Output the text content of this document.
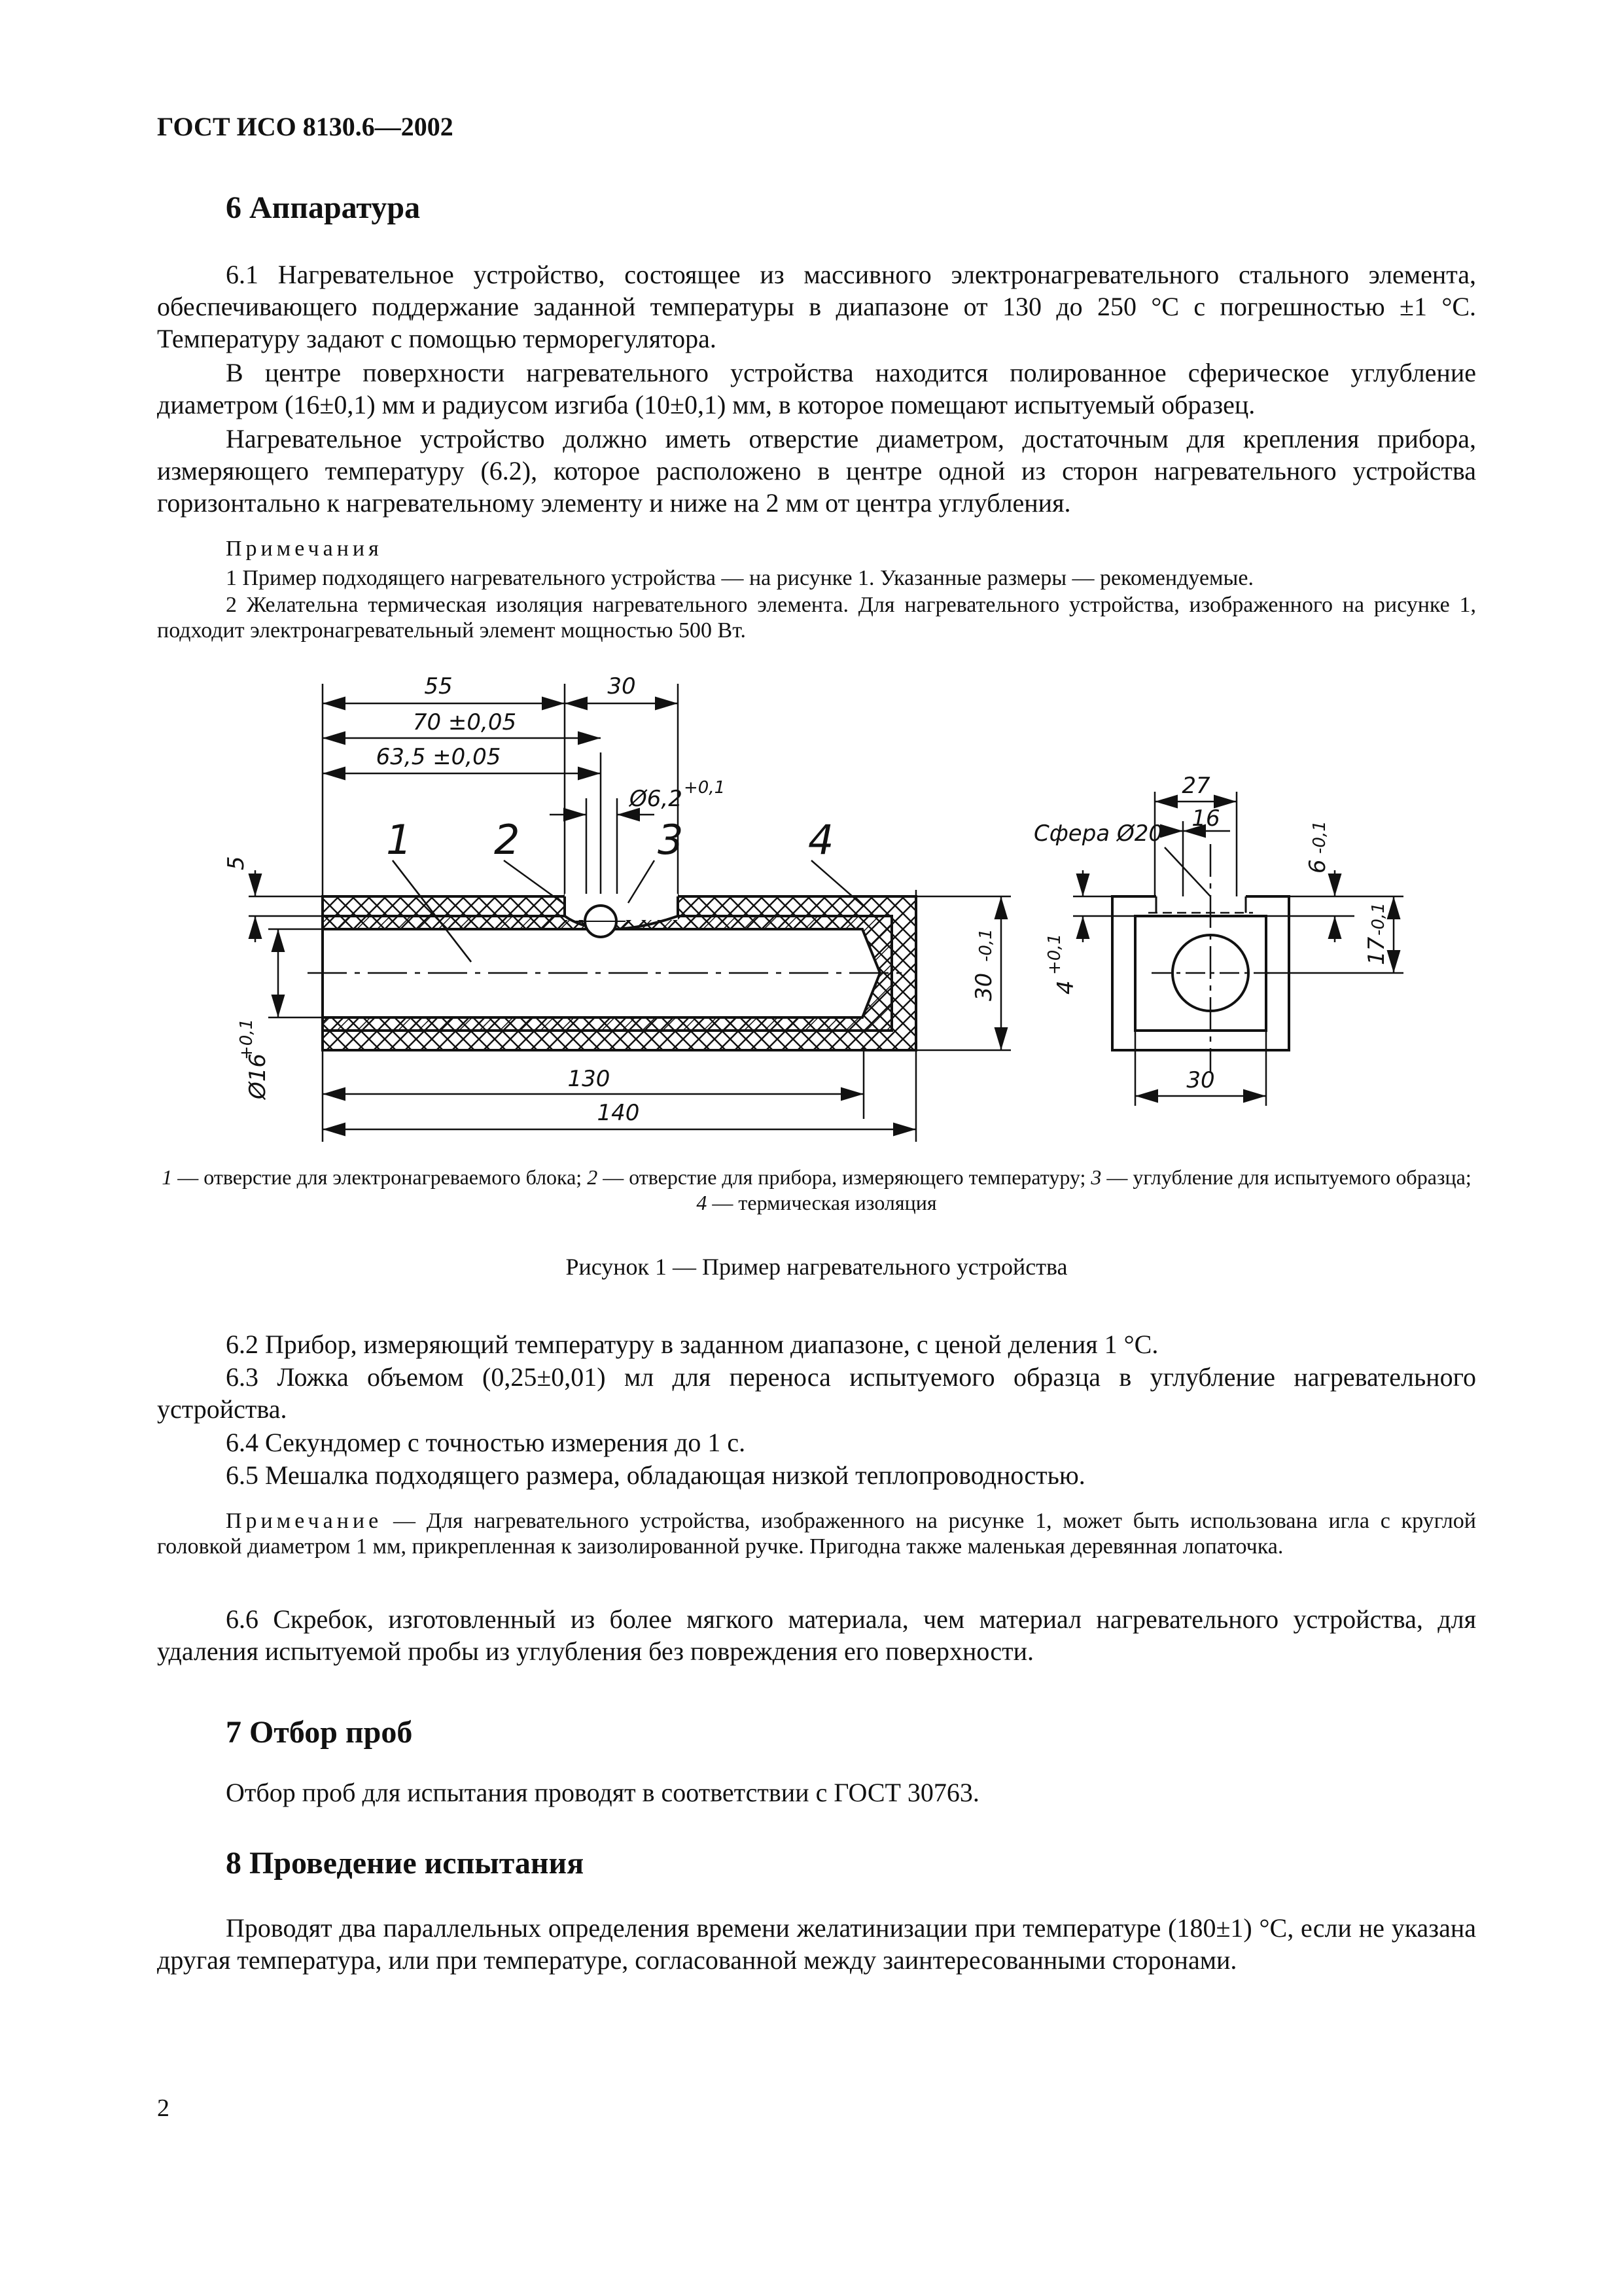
ГОСТ ИСО 8130.6—2002
6 Аппаратура
6.1 Нагревательное устройство, состоящее из массивного электронагревательного стального элемента, обеспечивающего поддержание заданной температуры в диапазоне от 130 до 250 °С с погрешностью ±1 °С. Температуру задают с помощью терморегулятора.
В центре поверхности нагревательного устройства находится полированное сферическое углубление диаметром (16±0,1) мм и радиусом изгиба (10±0,1) мм, в которое помещают испытуемый образец.
Нагревательное устройство должно иметь отверстие диаметром, достаточным для крепления прибора, измеряющего температуру (6.2), которое расположено в центре одной из сторон нагревательного устройства горизонтально к нагревательному элементу и ниже на 2 мм от центра углубления.
Примечания
1 Пример подходящего нагревательного устройства — на рисунке 1. Указанные размеры — рекомендуемые.
2 Желательна термическая изоляция нагревательного элемента. Для нагревательного устройства, изображенного на рисунке 1, подходит электронагревательный элемент мощностью 500 Вт.
55	30
70 ±0,05
63,5 ±0,05
Ø6,2 +0,1
5
Ø16
+0,1
30
-0,1
130
140
1 2	3	4
27
16
Сфера Ø20
6
-0,1
17
-0,1
4
+0,1
30
1 — отверстие для электронагреваемого блока; 2 — отверстие для прибора, измеряющего температуру; 3 — углубление для испытуемого образца; 4 — термическая изоляция
Рисунок 1 — Пример нагревательного устройства
6.2 Прибор, измеряющий температуру в заданном диапазоне, с ценой деления 1 °С.
6.3 Ложка объемом (0,25±0,01) мл для переноса испытуемого образца в углубление нагревательного устройства.
6.4 Секундомер с точностью измерения до 1 с.
6.5 Мешалка подходящего размера, обладающая низкой теплопроводностью.
Примечание — Для нагревательного устройства, изображенного на рисунке 1, может быть использована игла с круглой головкой диаметром 1 мм, прикрепленная к заизолированной ручке. Пригодна также маленькая деревянная лопаточка.
6.6 Скребок, изготовленный из более мягкого материала, чем материал нагревательного устройства, для удаления испытуемой пробы из углубления без повреждения его поверхности.
7 Отбор проб
Отбор проб для испытания проводят в соответствии с ГОСТ 30763.
8 Проведение испытания
Проводят два параллельных определения времени желатинизации при температуре (180±1) °С, если не указана другая температура, или при температуре, согласованной между заинтересованными сторонами.
2
